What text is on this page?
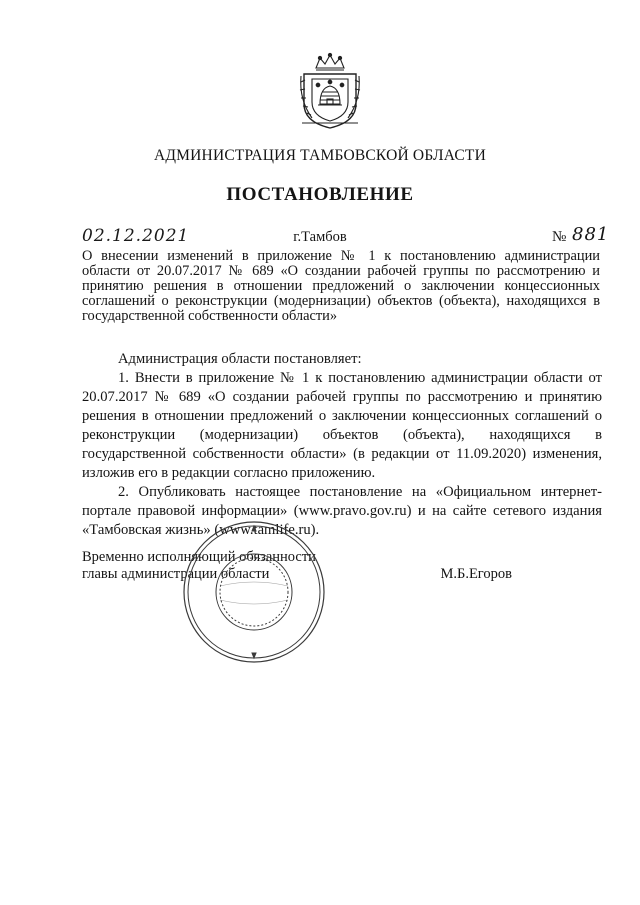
АДМИНИСТРАЦИЯ ТАМБОВСКОЙ ОБЛАСТИ
ПОСТАНОВЛЕНИЕ
02.12.2021	г.Тамбов	№ 881
О внесении изменений в приложение № 1 к постановлению администрации области от 20.07.2017 № 689 «О создании рабочей группы по рассмотрению и принятию решения в отношении предложений о заключении концессионных соглашений о реконструкции (модернизации) объектов (объекта), находящихся в государственной собственности области»

Администрация области постановляет:

1. Внести в приложение № 1 к постановлению администрации области от 20.07.2017 № 689 «О создании рабочей группы по рассмотрению и принятию решения в отношении предложений о заключении концессионных соглашений о реконструкции (модернизации) объектов (объекта), находящихся в государственной собственности области» (в редакции от 11.09.2020) изменения, изложив его в редакции согласно приложению.

2. Опубликовать настоящее постановление на «Официальном интернет-портале правовой информации» (www.pravo.gov.ru) и на сайте сетевого издания «Тамбовская жизнь» (www.tamlife.ru).

Временно исполняющий обязанности
главы администрации области	М.Б.Егоров
